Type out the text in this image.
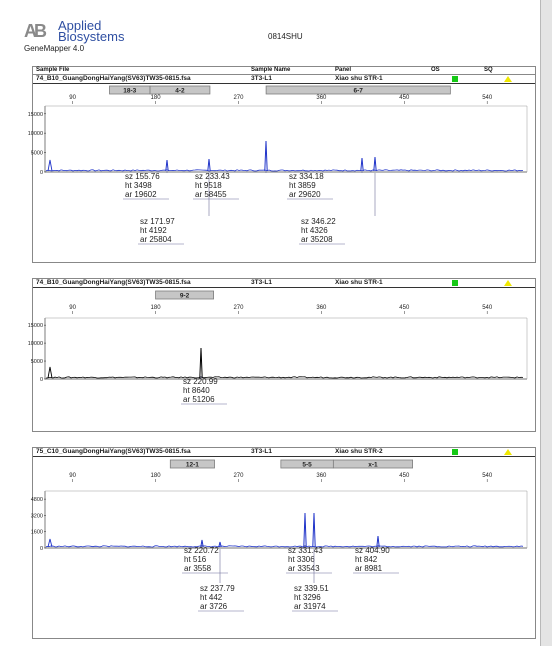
AB Applied
Biosystems
GeneMapper 4.0
0814SHU
Sample File	Sample Name	Panel	OS	SQ
74_B10_GuangDongHaiYang(SV63)TW35-0815.fsa	3T3-L1	Xiao shu STR-1
18-3	4-2	6-7
90	180	270	360	450	540
15000
10000
5000
0	sz 155.76
ht 3498
ar 19602
sz 171.97
ht 4192
ar 25804
sz 233.43
ht 9518
ar 58455
sz 334.18
ht 3859
ar 29620
sz 346.22
ht 4326
ar 35208
74_B10_GuangDongHaiYang(SV63)TW35-0815.fsa	3T3-L1	Xiao shu STR-1
9-2
90	180	270	360	450	540
15000
10000
5000
0	sz 220.99
ht 8640
ar 51206
75_C10_GuangDongHaiYang(SV63)TW35-0815.fsa	3T3-L1	Xiao shu STR-2
12-1	5-5	x-1
90	180	270	360	450	540
4800
3200
1600
0	sz 220.72
ht 516
ar 3558
sz 237.79
ht 442
ar 3726
sz 331.43
ht 3306
ar 33543
sz 339.51
ht 3296
ar 31974
sz 404.90
ht 842
ar 8981
